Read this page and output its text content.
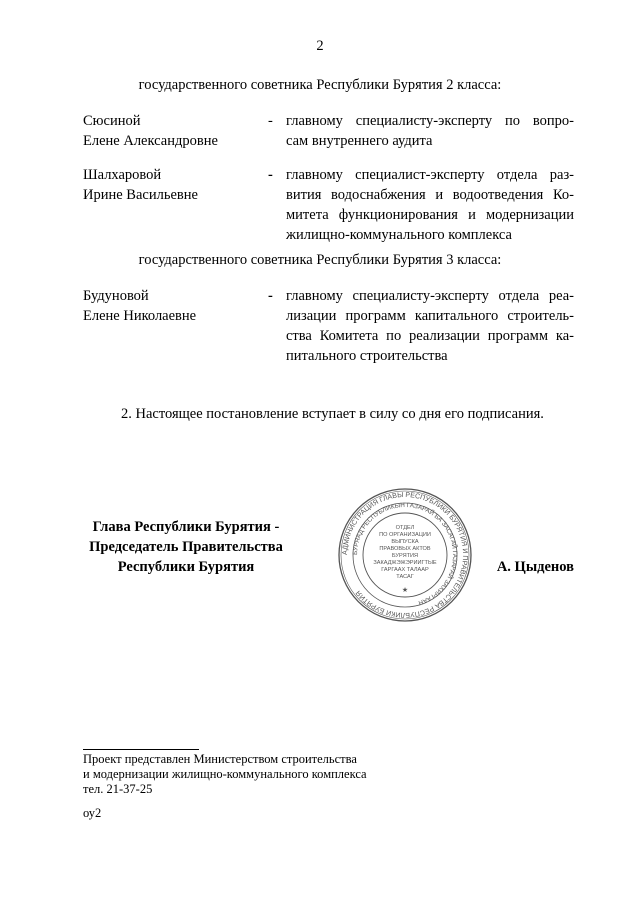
2
государственного советника Республики Бурятия 2 класса:
Сюсиной
Елене Александровне
- главному специалисту-эксперту по вопро-
сам внутреннего аудита
Шалхаровой
Ирине Васильевне
- главному специалист-эксперту отдела раз-
вития водоснабжения и водоотведения Ко-
митета функционирования и модернизации
жилищно-коммунального комплекса
государственного советника Республики Бурятия 3 класса:
Будуновой
Елене Николаевне
- главному специалисту-эксперту отдела реа-
лизации программ капитального строитель-
ства Комитета по реализации программ ка-
питального строительства
2. Настоящее постановление вступает в силу со дня его подписания.
Глава Республики Бурятия -
Председатель Правительства
Республики Бурятия	А. Цыденов
АДМИНИСТРАЦИЯ ГЛАВЫ РЕСПУБЛИКИ БУРЯТИЯ И ПРАВИТЕЛЬСТВА РЕСПУБЛИКИ БУРЯТИЯ
БУРЯАД РЕСПУБЛИКЫН ГАЗАРАЙ БА ЗАСАГАЙ ГАЗАРАЙ ЗАХИРГААН
ОТДЕЛ
ПО ОРГАНИЗАЦИИ
ВЫПУСКА
ПРАВОВЫХ АКТОВ
БУРЯТИЯ
ЗАКАДЖЭЖЭРИИГТЫЕ
ГАРГААХ ТАЛААР
ТАСАГ
★
Проект представлен Министерством строительства
и модернизации жилищно-коммунального комплекса
тел. 21-37-25
оу2
